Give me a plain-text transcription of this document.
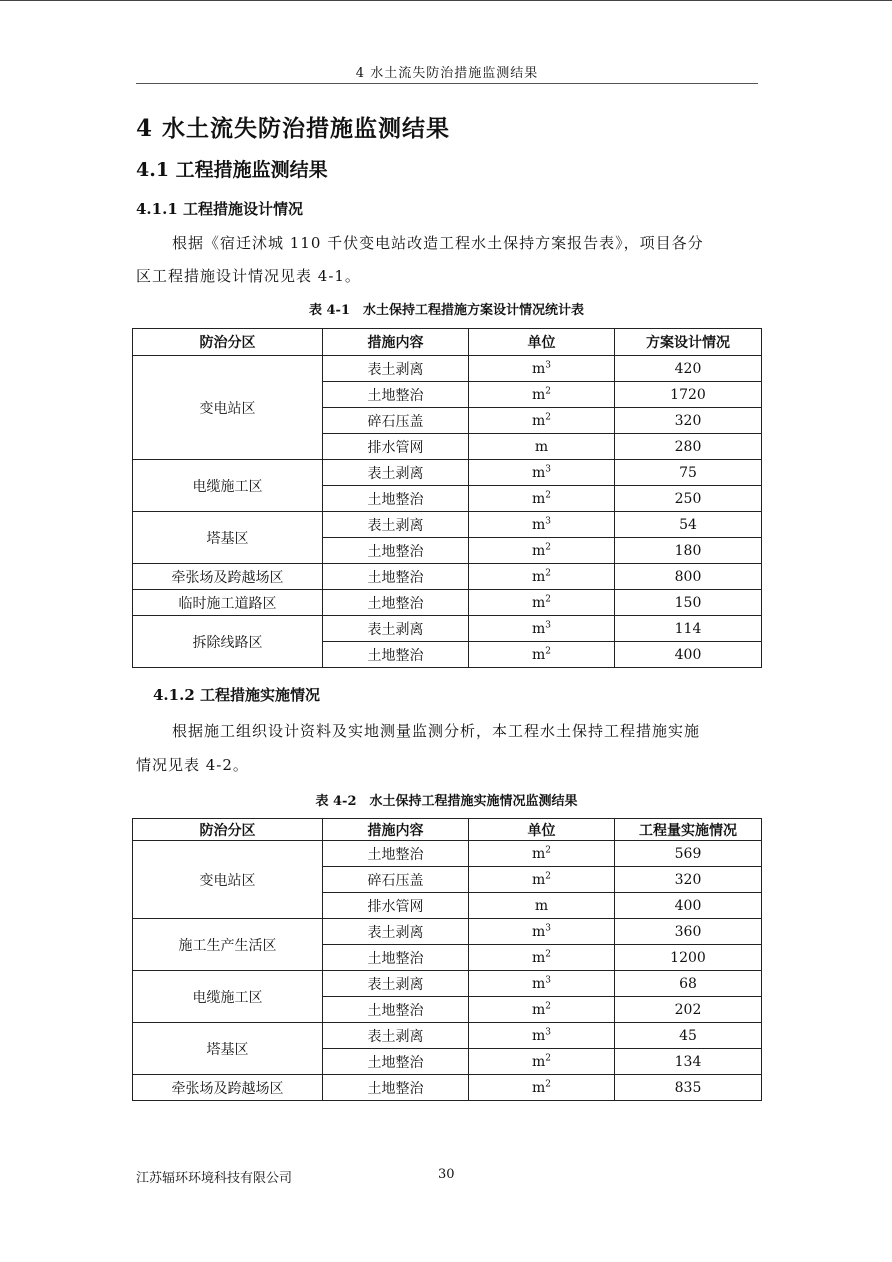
4 水土流失防治措施监测结果
4 水土流失防治措施监测结果
4.1 工程措施监测结果
4.1.1 工程措施设计情况
根据《宿迁沭城 110 千伏变电站改造工程水土保持方案报告表》，项目各分
区工程措施设计情况见表 4-1。
表 4-1　水土保持工程措施方案设计情况统计表
防治分区	措施内容	单位	方案设计情况
变电站区	表土剥离	$m^3$	420
	土地整治	$m^2$	1720
	碎石压盖	$m^2$	320
	排水管网	m	280
电缆施工区	表土剥离	$m^3$	75
	土地整治	$m^2$	250
塔基区	表土剥离	$m^3$	54
	土地整治	$m^2$	180
牵张场及跨越场区	土地整治	$m^2$	800
临时施工道路区	土地整治	$m^2$	150
拆除线路区	表土剥离	$m^3$	114
	土地整治	$m^2$	400
4.1.2 工程措施实施情况
根据施工组织设计资料及实地测量监测分析，本工程水土保持工程措施实施
情况见表 4-2。
表 4-2　水土保持工程措施实施情况监测结果
防治分区	措施内容	单位	工程量实施情况
变电站区	土地整治	$m^2$	569
	碎石压盖	$m^2$	320
	排水管网	m	400
施工生产生活区	表土剥离	$m^3$	360
	土地整治	$m^2$	1200
电缆施工区	表土剥离	$m^3$	68
	土地整治	$m^2$	202
塔基区	表土剥离	$m^3$	45
	土地整治	$m^2$	134
牵张场及跨越场区	土地整治	$m^2$	835
江苏辐环环境科技有限公司	30
